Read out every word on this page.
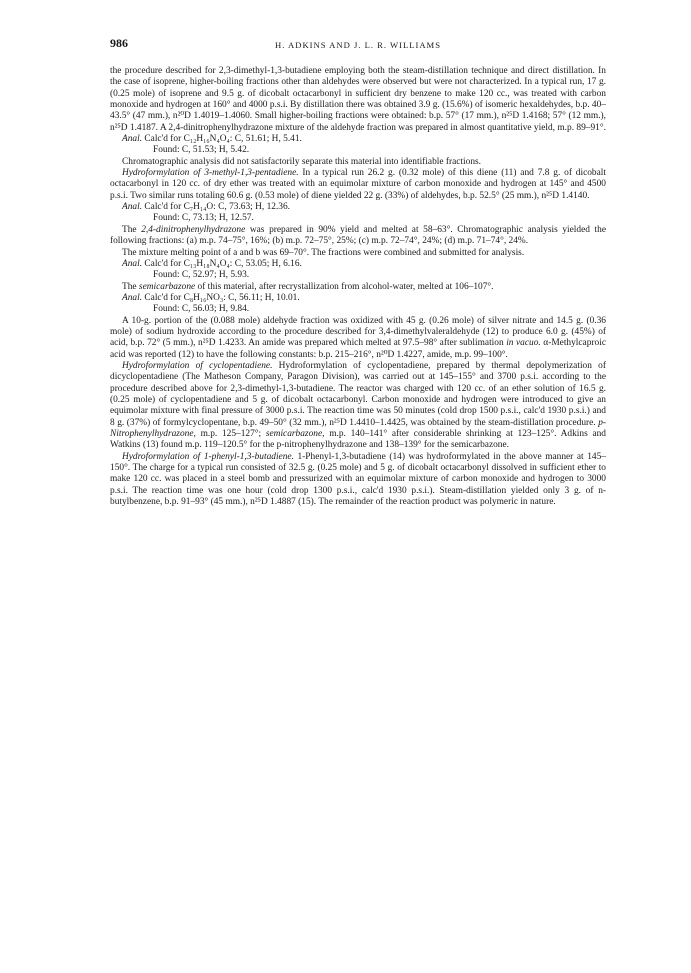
986	H. ADKINS AND J. L. R. WILLIAMS

the procedure described for 2,3-dimethyl-1,3-butadiene employing both the steam-distillation technique and direct distillation. In the case of isoprene, higher-boiling fractions other than aldehydes were observed but were not characterized. In a typical run, 17 g. (0.25 mole) of isoprene and 9.5 g. of dicobalt octacarbonyl in sufficient dry benzene to make 120 cc., was treated with carbon monoxide and hydrogen at 160° and 4000 p.s.i. By distillation there was obtained 3.9 g. (15.6%) of isomeric hexaldehydes, b.p. 40–43.5° (47 mm.), n²⁰D 1.4019–1.4060. Small higher-boiling fractions were obtained: b.p. 57° (17 mm.), n²⁵D 1.4168; 57° (12 mm.), n²⁵D 1.4187. A 2,4-dinitrophenylhydrazone mixture of the aldehyde fraction was prepared in almost quantitative yield, m.p. 89–91°.

Anal. Calc'd for C₁₂H₁₆N₄O₄: C, 51.61; H, 5.41.

Found: C, 51.53; H, 5.42.

Chromatographic analysis did not satisfactorily separate this material into identifiable fractions.

Hydroformylation of 3-methyl-1,3-pentadiene. In a typical run 26.2 g. (0.32 mole) of this diene (11) and 7.8 g. of dicobalt octacarbonyl in 120 cc. of dry ether was treated with an equimolar mixture of carbon monoxide and hydrogen at 145° and 4500 p.s.i. Two similar runs totaling 60.6 g. (0.53 mole) of diene yielded 22 g. (33%) of aldehydes, b.p. 52.5° (25 mm.), n²⁵D 1.4140.

Anal. Calc'd for C₇H₁₄O: C, 73.63; H, 12.36.

Found: C, 73.13; H, 12.57.

The 2,4-dinitrophenylhydrazone was prepared in 90% yield and melted at 58–63°. Chromatographic analysis yielded the following fractions: (a) m.p. 74–75°, 16%; (b) m.p. 72–75°, 25%; (c) m.p. 72–74°, 24%; (d) m.p. 71–74°, 24%.

The mixture melting point of a and b was 69–70°. The fractions were combined and submitted for analysis.

Anal. Calc'd for C₁₃H₁₈N₄O₄: C, 53.05; H, 6.16.

Found: C, 52.97; H, 5.93.

The semicarbazone of this material, after recrystallization from alcohol-water, melted at 106–107°.

Anal. Calc'd for C₈H₁₆NO₃: C, 56.11; H, 10.01.

Found: C, 56.03; H, 9.84.

A 10-g. portion of the (0.088 mole) aldehyde fraction was oxidized with 45 g. (0.26 mole) of silver nitrate and 14.5 g. (0.36 mole) of sodium hydroxide according to the procedure described for 3,4-dimethylvaleraldehyde (12) to produce 6.0 g. (45%) of acid, b.p. 72° (5 mm.), n²⁵D 1.4233. An amide was prepared which melted at 97.5–98° after sublimation in vacuo. α-Methylcaproic acid was reported (12) to have the following constants: b.p. 215–216°, n²⁰D 1.4227, amide, m.p. 99–100°.

Hydroformylation of cyclopentadiene. Hydroformylation of cyclopentadiene, prepared by thermal depolymerization of dicyclopentadiene (The Matheson Company, Paragon Division), was carried out at 145–155° and 3700 p.s.i. according to the procedure described above for 2,3-dimethyl-1,3-butadiene. The reactor was charged with 120 cc. of an ether solution of 16.5 g. (0.25 mole) of cyclopentadiene and 5 g. of dicobalt octacarbonyl. Carbon monoxide and hydrogen were introduced to give an equimolar mixture with final pressure of 3000 p.s.i. The reaction time was 50 minutes (cold drop 1500 p.s.i., calc'd 1930 p.s.i.) and 8 g. (37%) of formylcyclopentane, b.p. 49–50° (32 mm.), n²⁵D 1.4410–1.4425, was obtained by the steam-distillation procedure. p-Nitrophenylhydrazone, m.p. 125–127°; semicarbazone, m.p. 140–141° after considerable shrinking at 123–125°. Adkins and Watkins (13) found m.p. 119–120.5° for the p-nitrophenylhydrazone and 138–139° for the semicarbazone.

Hydroformylation of 1-phenyl-1,3-butadiene. 1-Phenyl-1,3-butadiene (14) was hydroformylated in the above manner at 145–150°. The charge for a typical run consisted of 32.5 g. (0.25 mole) and 5 g. of dicobalt octacarbonyl dissolved in sufficient ether to make 120 cc. was placed in a steel bomb and pressurized with an equimolar mixture of carbon monoxide and hydrogen to 3000 p.s.i. The reaction time was one hour (cold drop 1300 p.s.i., calc'd 1930 p.s.i.). Steam-distillation yielded only 3 g. of n-butylbenzene, b.p. 91–93° (45 mm.), n²⁵D 1.4887 (15). The remainder of the reaction product was polymeric in nature.
